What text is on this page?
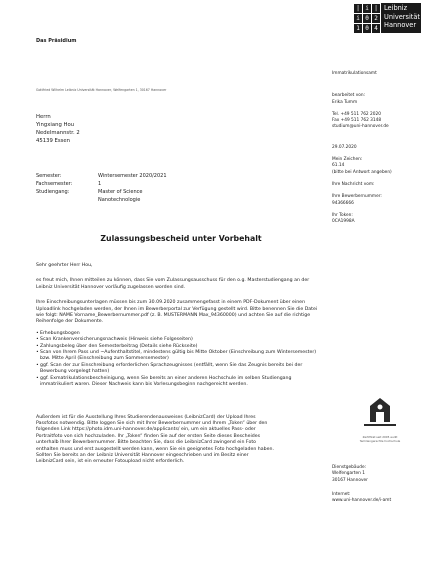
| i |
i 0 2
1 0 4
Leibniz
Universität
Hannover
Das Präsidium
Gottfried Wilhelm Leibniz Universität Hannover, Welfengarten 1, 30167 Hannover
Herrn
Yingxiang Hou
Nedelmannstr. 2
45139 Essen
Semester:	Wintersemester 2020/2021
Fachsemester:	1
Studiengang:	Master of Science
Nanotechnologie
Immatrikulationsamt
bearbeitet von:
Erika Tumm
Tel. +49 511 762 2020
Fax +49 511 762 3148
studium@uni-hannover.de
29.07.2020
Mein Zeichen:
61.14
(bitte bei Antwort angeben)
Ihre Nachricht vom:
Ihre Bewerbernummer:
94366666
Ihr Token:
0CA1998A
Dienstgebäude:
Welfengarten 1
30167 Hannover
Internet:
www.uni-hannover.de/i-amt
Zertifikat seit 2005 audit familiengerechte hochschule
Zulassungsbescheid unter Vorbehalt

Sehr geehrter Herr Hou,

es freut mich, Ihnen mitteilen zu können, dass Sie vom Zulassungsausschuss für den o.g. Masterstudiengang an der Leibniz Universität Hannover vorläufig zugelassen worden sind.

Ihre Einschreibungsunterlagen müssen bis zum 30.09.2020 zusammengefasst in einem PDF-Dokument über einen Uploadlink hochgeladen werden, der Ihnen im Bewerberportal zur Verfügung gestellt wird. Bitte benennen Sie die Datei wie folgt: NAME Vorname_Bewerbernummer.pdf (z. B. MUSTERMANN Max_94360000) und achten Sie auf die richtige Reihenfolge der Dokumente.

• Erhebungsbogen
• Scan Krankenversicherungsnachweis (Hinweis siehe Folgeseiten)
• Zahlungsbeleg über den Semesterbeitrag (Details siehe Rückseite)
• Scan von Ihrem Pass und ~Aufenthaltstitel, mindestens gültig bis Mitte Oktober (Einschreibung zum Wintersemester) bzw. Mitte April (Einschreibung zum Sommersemester)
• ggf. Scan der zur Einschreibung erforderlichen Sprachzeugnisses (entfällt, wenn Sie das Zeugnis bereits bei der Bewerbung vorgelegt hatten)
• ggf. Exmatrikulationsbescheinigung, wenn Sie bereits an einer anderen Hochschule im selben Studiengang immatrikuliert waren. Dieser Nachweis kann bis Vorlesungsbeginn nachgereicht werden.

Außerdem ist für die Ausstellung Ihres Studierendenausweises (LeibnizCard) der Upload Ihres Passfotos notwendig. Bitte loggen Sie sich mit Ihrer Bewerbernummer und Ihrem „Token“ über den folgenden Link https://photo.idm.uni-hannover.de/applicants/ ein, um ein aktuelles Pass- oder Portraitfoto von sich hochzuladen. Ihr „Token“ finden Sie auf der ersten Seite dieses Bescheides unterhalb Ihrer Bewerbernummer. Bitte beachten Sie, dass die LeibnizCard zwingend ein Foto enthalten muss und erst ausgestellt werden kann, wenn Sie ein geeignetes Foto hochgeladen haben. Sollten Sie bereits an der Leibniz Universität Hannover eingeschrieben und im Besitz einer LeibnizCard sein, ist ein erneuter Fotoupload nicht erforderlich.
